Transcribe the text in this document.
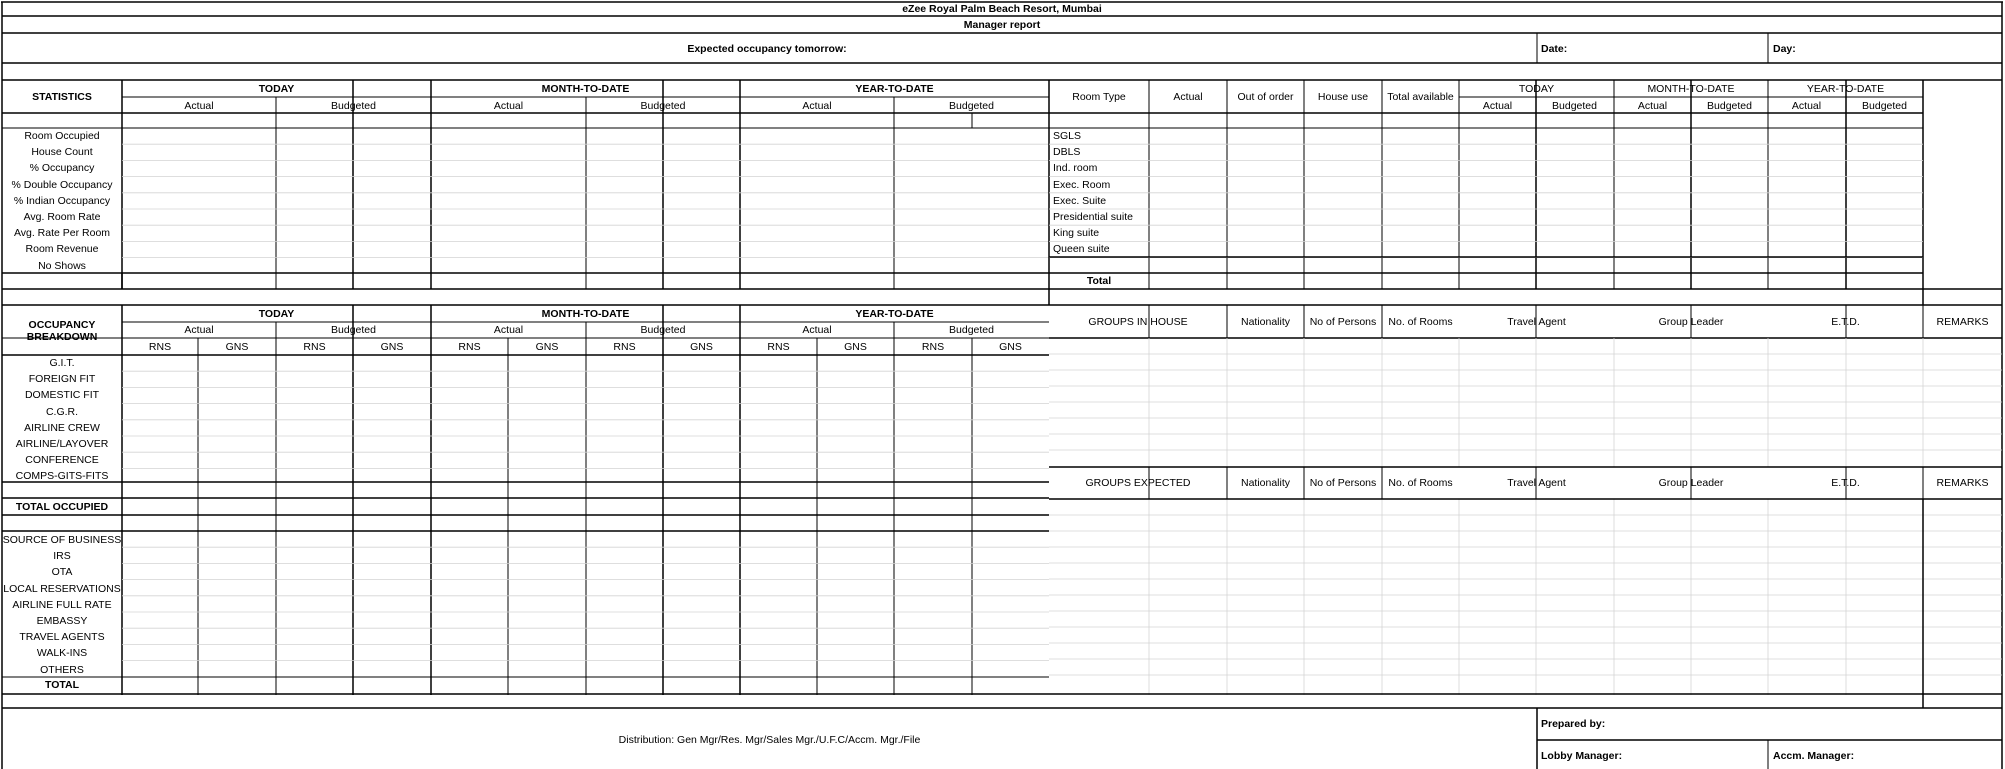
eZee Royal Palm Beach Resort, Mumbai
Manager report
Expected occupancy tomorrow:	Date:	Day:
STATISTICS
TODAY	MONTH-TO-DATE	YEAR-TO-DATE
Actual	Budgeted	Actual	Budgeted	Actual	Budgeted
Room Occupied
House Count
% Occupancy
% Double Occupancy
% Indian Occupancy
Avg. Room Rate
Avg. Rate Per Room
Room Revenue
No Shows
Room Type	Actual	Out of order	House use	Total available
TODAY	MONTH-TO-DATE	YEAR-TO-DATE
Actual	Budgeted	Actual	Budgeted	Actual	Budgeted
SGLS
DBLS
Ind. room
Exec. Room
Exec. Suite
Presidential suite
King suite
Queen suite
Total
OCCUPANCY
BREAKDOWN
TODAY	MONTH-TO-DATE	YEAR-TO-DATE
Actual	Budgeted	Actual	Budgeted	Actual	Budgeted
RNS	GNS	RNS	GNS	RNS	GNS	RNS	GNS	RNS	GNS	RNS	GNS
G.I.T.
FOREIGN FIT
DOMESTIC FIT
C.G.R.
AIRLINE CREW
AIRLINE/LAYOVER
CONFERENCE
COMPS-GITS-FITS
TOTAL OCCUPIED
GROUPS IN HOUSE	Nationality	No of Persons	No. of Rooms	Travel Agent	Group Leader	E.T.D.	REMARKS
GROUPS EXPECTED	Nationality	No of Persons	No. of Rooms	Travel Agent	Group Leader	E.T.D.	REMARKS
SOURCE OF BUSINESS
IRS
OTA
LOCAL RESERVATIONS
AIRLINE FULL RATE
EMBASSY
TRAVEL AGENTS
WALK-INS
OTHERS
TOTAL
Distribution: Gen Mgr/Res. Mgr/Sales Mgr./U.F.C/Accm. Mgr./File
Prepared by:
Lobby Manager:	Accm. Manager:
